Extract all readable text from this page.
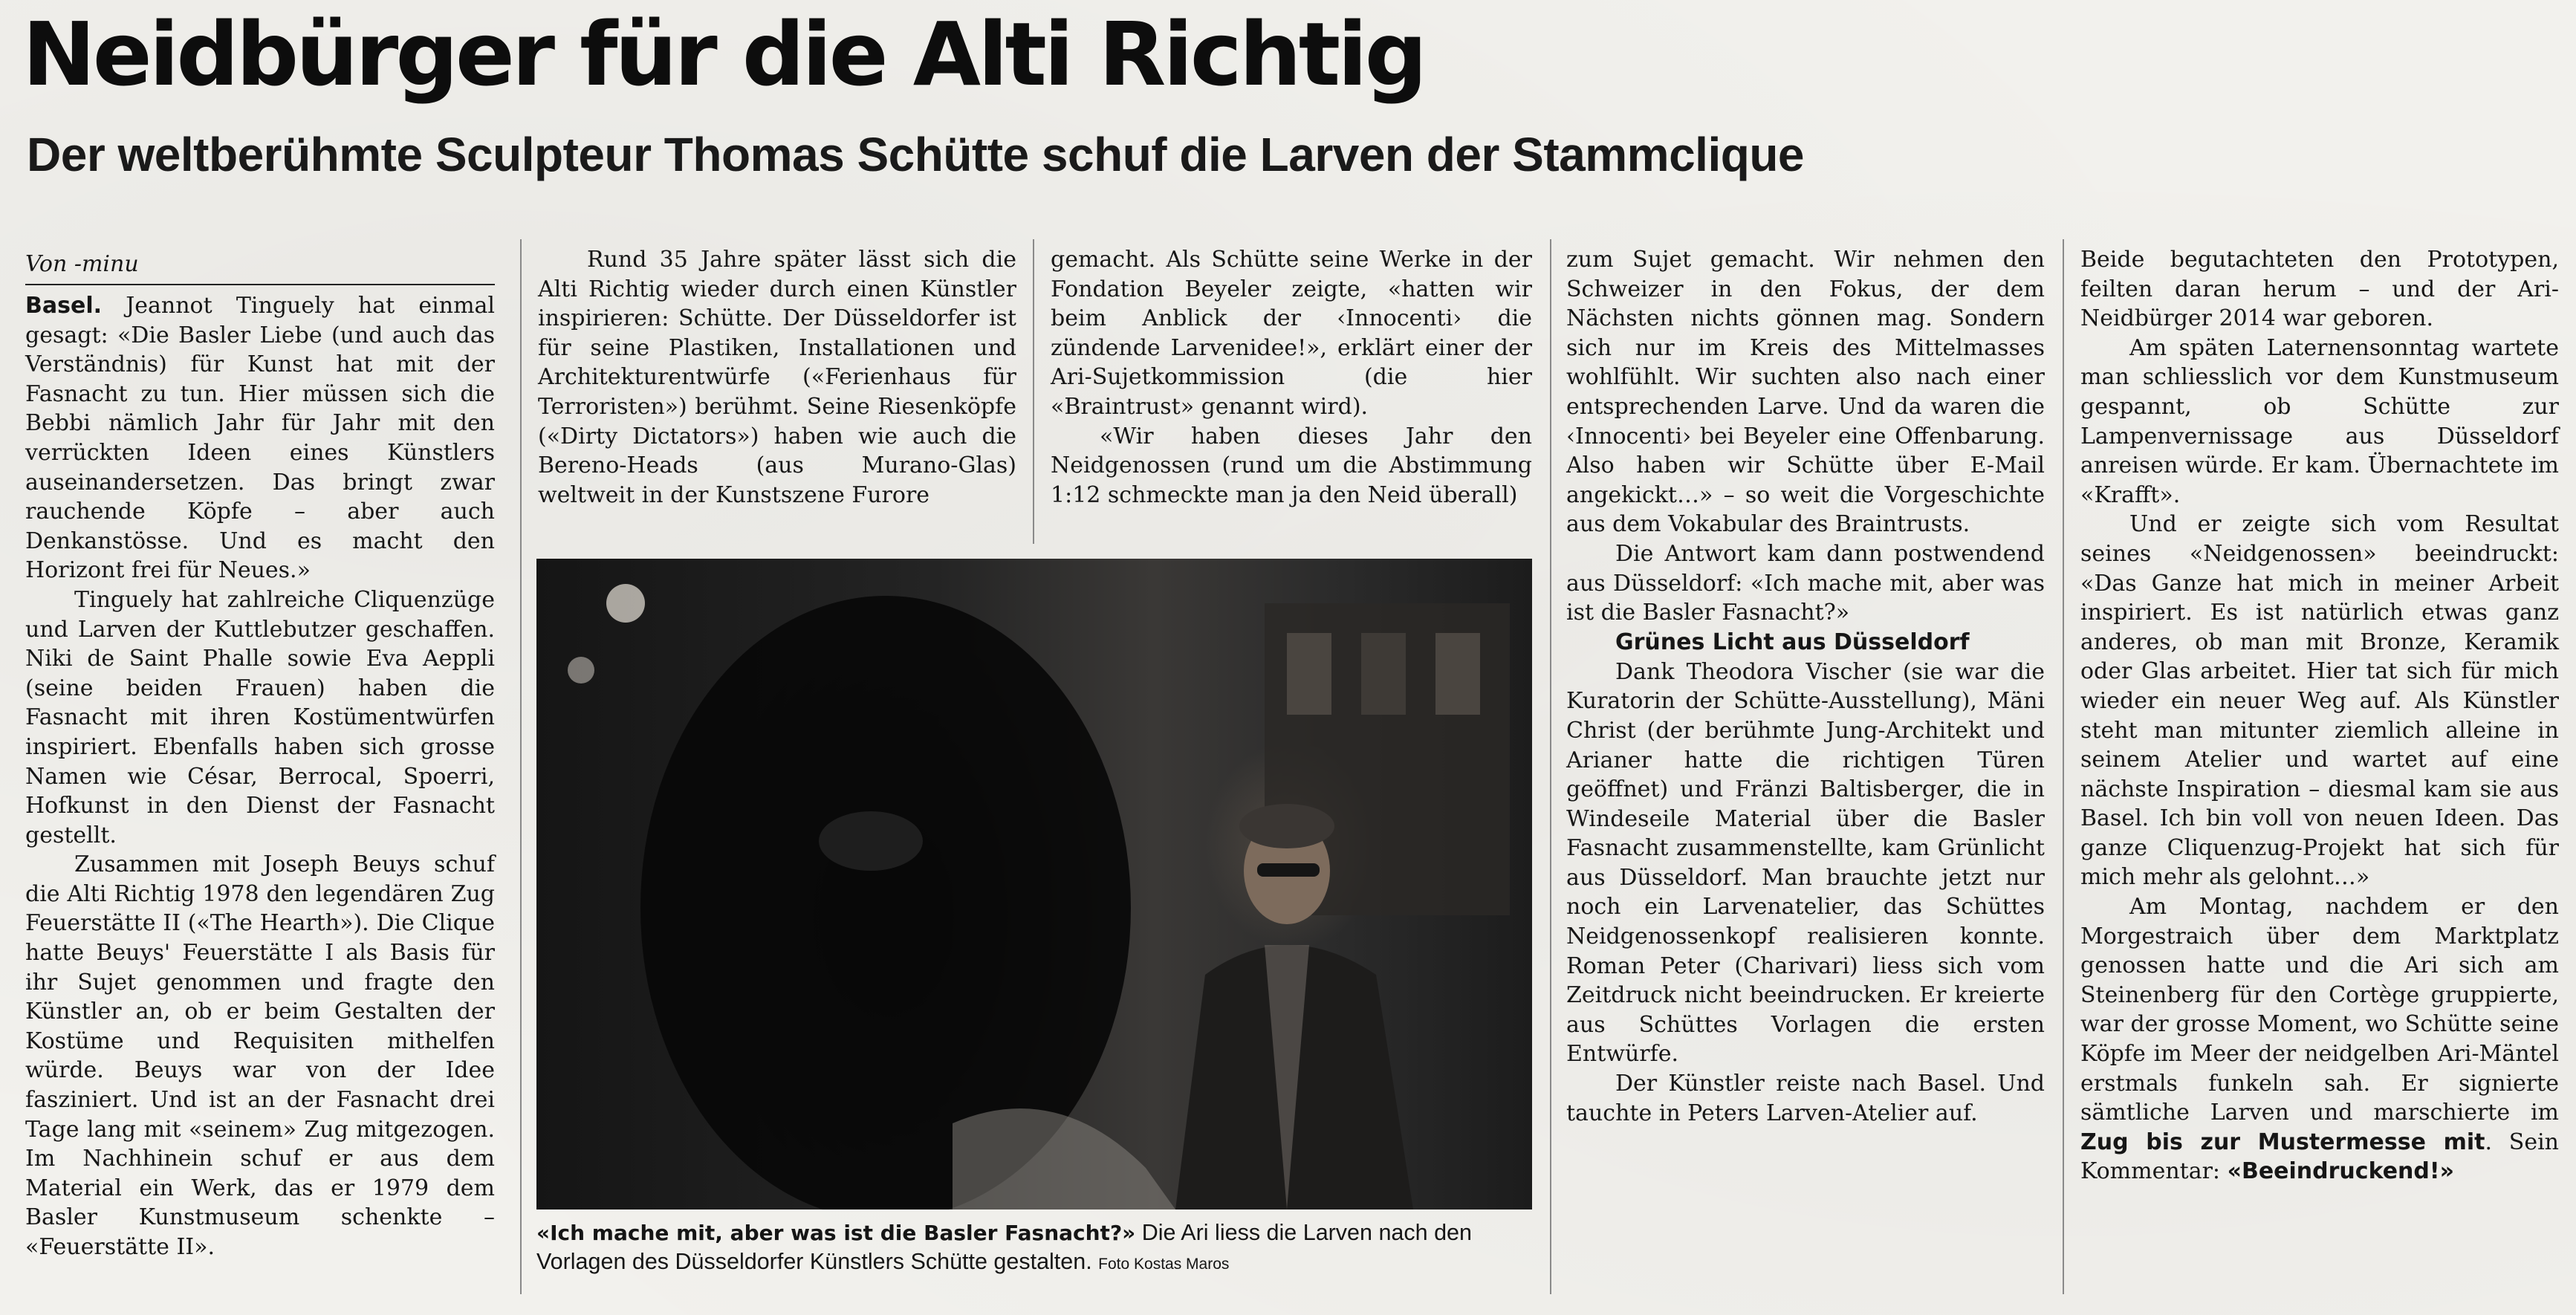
Neidbürger für die Alti Richtig
Der weltberühmte Sculpteur Thomas Schütte schuf die Larven der Stammclique
Von -minu

Basel. Jeannot Tinguely hat einmal gesagt: «Die Basler Liebe (und auch das Verständnis) für Kunst hat mit der Fasnacht zu tun. Hier müssen sich die Bebbi nämlich Jahr für Jahr mit den verrückten Ideen eines Künstlers auseinandersetzen. Das bringt zwar rauchende Köpfe – aber auch Denkanstösse. Und es macht den Horizont frei für Neues.»

Tinguely hat zahlreiche Cliquenzüge und Larven der Kuttlebutzer geschaffen. Niki de Saint Phalle sowie Eva Aeppli (seine beiden Frauen) haben die Fasnacht mit ihren Kostümentwürfen inspiriert. Ebenfalls haben sich grosse Namen wie César, Berrocal, Spoerri, Hofkunst in den Dienst der Fasnacht gestellt.

Zusammen mit Joseph Beuys schuf die Alti Richtig 1978 den legendären Zug Feuerstätte II («The Hearth»). Die Clique hatte Beuys' Feuerstätte I als Basis für ihr Sujet genommen und fragte den Künstler an, ob er beim Gestalten der Kostüme und Requisiten mithelfen würde. Beuys war von der Idee fasziniert. Und ist an der Fasnacht drei Tage lang mit «seinem» Zug mitgezogen. Im Nachhinein schuf er aus dem Material ein Werk, das er 1979 dem Basler Kunstmuseum schenkte – «Feuerstätte II».

Rund 35 Jahre später lässt sich die Alti Richtig wieder durch einen Künstler inspirieren: Schütte. Der Düsseldorfer ist für seine Plastiken, Installationen und Architekturentwürfe («Ferienhaus für Terroristen») berühmt. Seine Riesenköpfe («Dirty Dictators») haben wie auch die Bereno-Heads (aus Murano-Glas) weltweit in der Kunstszene Furore

gemacht. Als Schütte seine Werke in der Fondation Beyeler zeigte, «hatten wir beim Anblick der ‹Innocenti› die zündende Larvenidee!», erklärt einer der Ari-Sujetkommission (die hier «Braintrust» genannt wird).

«Wir haben dieses Jahr den Neidgenossen (rund um die Abstimmung 1:12 schmeckte man ja den Neid überall)

«Ich mache mit, aber was ist die Basler Fasnacht?» Die Ari liess die Larven nach den Vorlagen des Düsseldorfer Künstlers Schütte gestalten. Foto Kostas Maros

zum Sujet gemacht. Wir nehmen den Schweizer in den Fokus, der dem Nächsten nichts gönnen mag. Sondern sich nur im Kreis des Mittelmasses wohlfühlt. Wir suchten also nach einer entsprechenden Larve. Und da waren die ‹Innocenti› bei Beyeler eine Offenbarung. Also haben wir Schütte über E-Mail angekickt…» – so weit die Vorgeschichte aus dem Vokabular des Braintrusts.

Die Antwort kam dann postwendend aus Düsseldorf: «Ich mache mit, aber was ist die Basler Fasnacht?»

Grünes Licht aus Düsseldorf

Dank Theodora Vischer (sie war die Kuratorin der Schütte-Ausstellung), Mäni Christ (der berühmte Jung-Architekt und Arianer hatte die richtigen Türen geöffnet) und Fränzi Baltisberger, die in Windeseile Material über die Basler Fasnacht zusammenstellte, kam Grünlicht aus Düsseldorf. Man brauchte jetzt nur noch ein Larvenatelier, das Schüttes Neidgenossenkopf realisieren konnte. Roman Peter (Charivari) liess sich vom Zeitdruck nicht beeindrucken. Er kreierte aus Schüttes Vorlagen die ersten Entwürfe.

Der Künstler reiste nach Basel. Und tauchte in Peters Larven-Atelier auf.

Beide begutachteten den Prototypen, feilten daran herum – und der Ari-Neidbürger 2014 war geboren.

Am späten Laternensonntag wartete man schliesslich vor dem Kunstmuseum gespannt, ob Schütte zur Lampenvernissage aus Düsseldorf anreisen würde. Er kam. Übernachtete im «Krafft».

Und er zeigte sich vom Resultat seines «Neidgenossen» beeindruckt: «Das Ganze hat mich in meiner Arbeit inspiriert. Es ist natürlich etwas ganz anderes, ob man mit Bronze, Keramik oder Glas arbeitet. Hier tat sich für mich wieder ein neuer Weg auf. Als Künstler steht man mitunter ziemlich alleine in seinem Atelier und wartet auf eine nächste Inspiration – diesmal kam sie aus Basel. Ich bin voll von neuen Ideen. Das ganze Cliquenzug-Projekt hat sich für mich mehr als gelohnt…»

Am Montag, nachdem er den Morgestraich über dem Marktplatz genossen hatte und die Ari sich am Steinenberg für den Cortège gruppierte, war der grosse Moment, wo Schütte seine Köpfe im Meer der neidgelben Ari-Mäntel erstmals funkeln sah. Er signierte sämtliche Larven und marschierte im Zug bis zur Mustermesse mit. Sein Kommentar: «Beeindruckend!»
